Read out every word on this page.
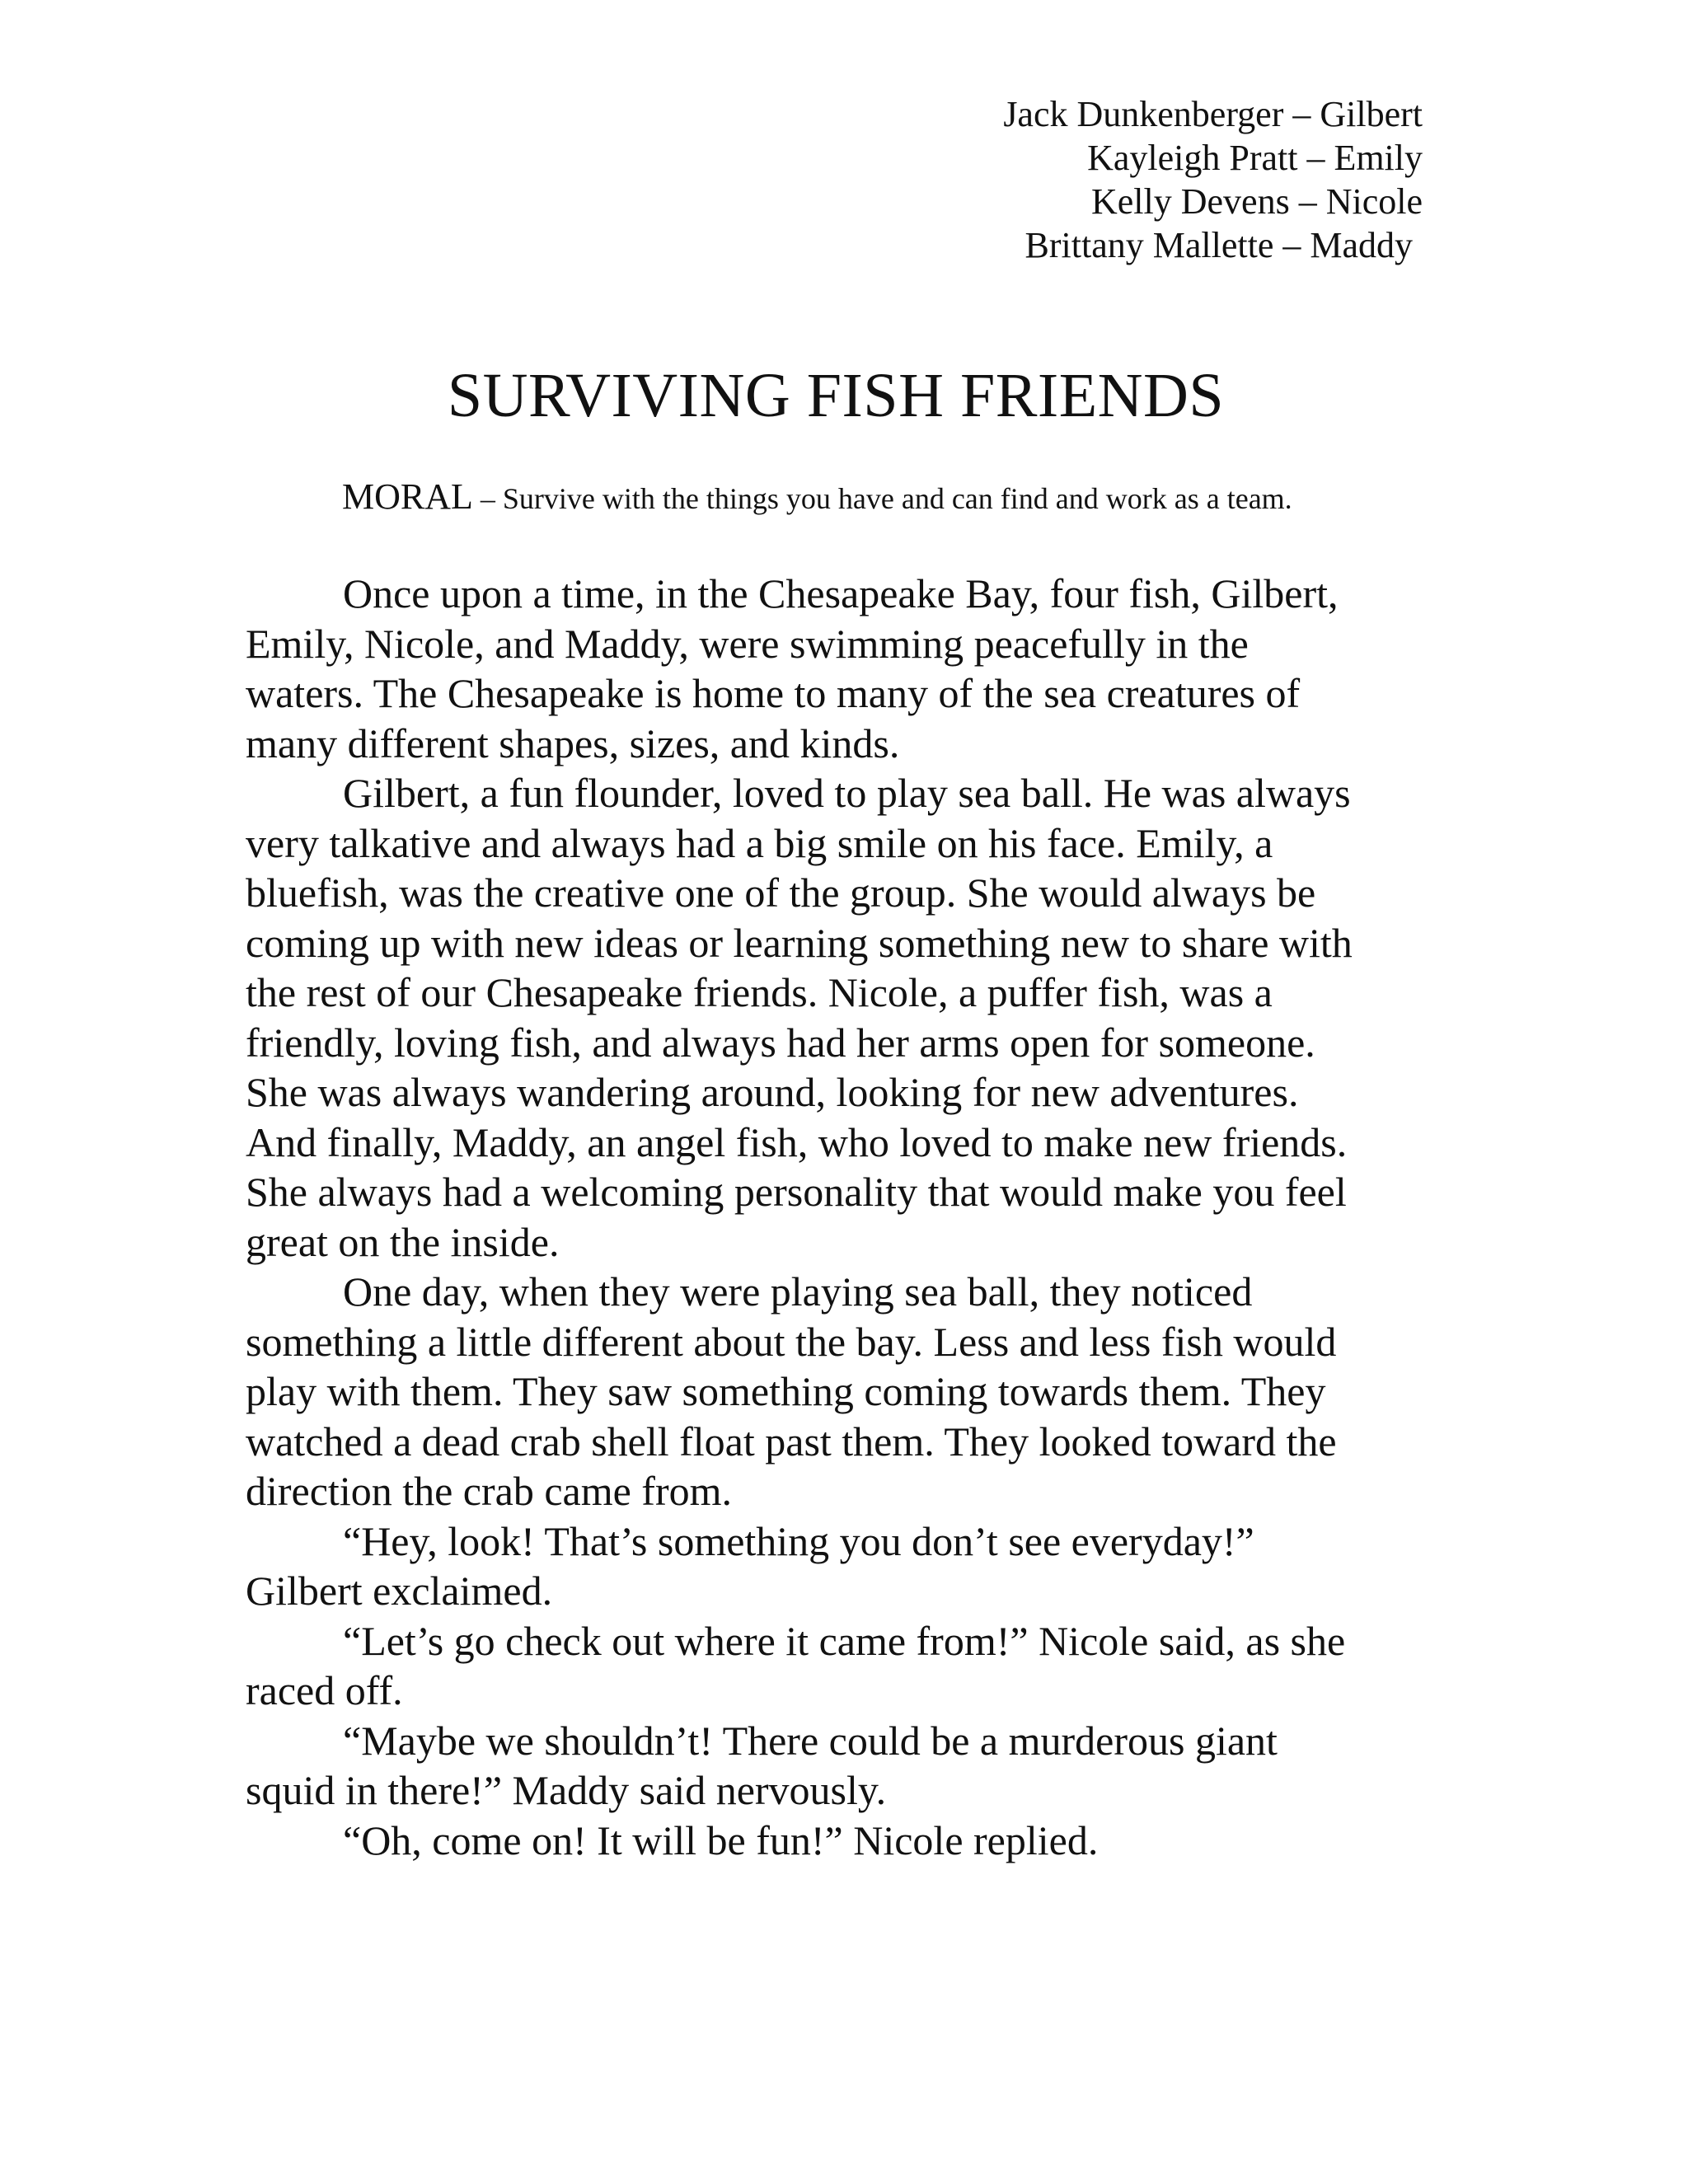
Jack Dunkenberger – Gilbert
Kayleigh Pratt – Emily
Kelly Devens – Nicole
Brittany Mallette – Maddy
SURVIVING FISH FRIENDS
MORAL – Survive with the things you have and can find and work as a team.

Once upon a time, in the Chesapeake Bay, four fish, Gilbert,
Emily, Nicole, and Maddy, were swimming peacefully in the
waters. The Chesapeake is home to many of the sea creatures of
many different shapes, sizes, and kinds.

Gilbert, a fun flounder, loved to play sea ball. He was always
very talkative and always had a big smile on his face. Emily, a
bluefish, was the creative one of the group. She would always be
coming up with new ideas or learning something new to share with
the rest of our Chesapeake friends. Nicole, a puffer fish, was a
friendly, loving fish, and always had her arms open for someone.
She was always wandering around, looking for new adventures.
And finally, Maddy, an angel fish, who loved to make new friends.
She always had a welcoming personality that would make you feel
great on the inside.

One day, when they were playing sea ball, they noticed
something a little different about the bay. Less and less fish would
play with them. They saw something coming towards them. They
watched a dead crab shell float past them. They looked toward the
direction the crab came from.

“Hey, look! That’s something you don’t see everyday!”
Gilbert exclaimed.

“Let’s go check out where it came from!” Nicole said, as she
raced off.

“Maybe we shouldn’t! There could be a murderous giant
squid in there!” Maddy said nervously.

“Oh, come on! It will be fun!” Nicole replied.
